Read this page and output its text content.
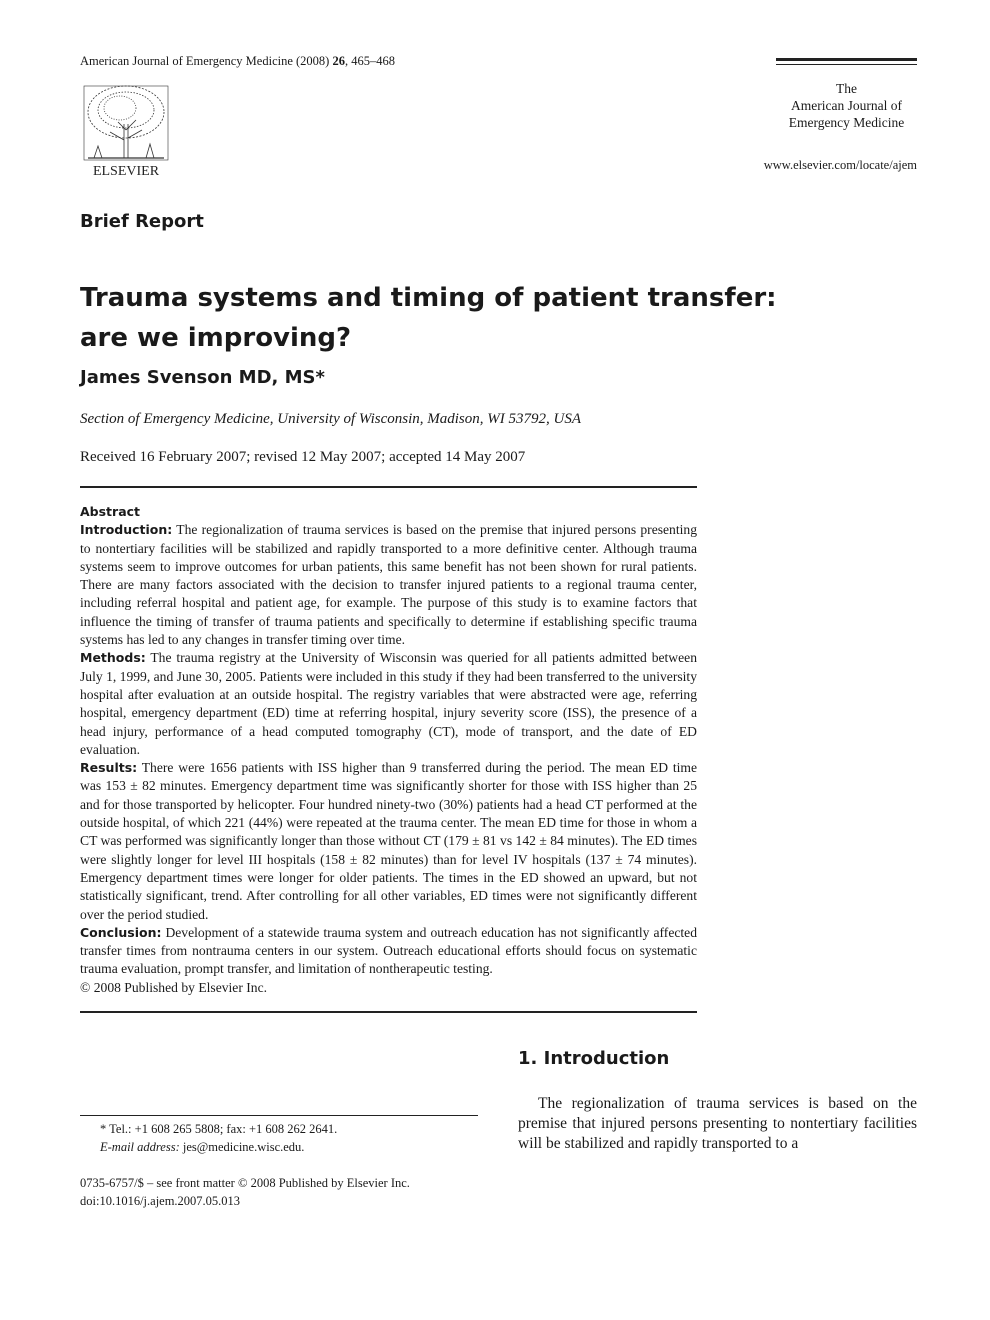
American Journal of Emergency Medicine (2008) 26, 465–468
ELSEVIER
The
American Journal of
Emergency Medicine
www.elsevier.com/locate/ajem
Brief Report
Trauma systems and timing of patient transfer:
are we improving?
James Svenson MD, MS*
Section of Emergency Medicine, University of Wisconsin, Madison, WI 53792, USA
Received 16 February 2007; revised 12 May 2007; accepted 14 May 2007

Abstract

Introduction: The regionalization of trauma services is based on the premise that injured persons presenting to nontertiary facilities will be stabilized and rapidly transported to a more definitive center. Although trauma systems seem to improve outcomes for urban patients, this same benefit has not been shown for rural patients. There are many factors associated with the decision to transfer injured patients to a regional trauma center, including referral hospital and patient age, for example. The purpose of this study is to examine factors that influence the timing of transfer of trauma patients and specifically to determine if establishing specific trauma systems has led to any changes in transfer timing over time.

Methods: The trauma registry at the University of Wisconsin was queried for all patients admitted between July 1, 1999, and June 30, 2005. Patients were included in this study if they had been transferred to the university hospital after evaluation at an outside hospital. The registry variables that were abstracted were age, referring hospital, emergency department (ED) time at referring hospital, injury severity score (ISS), the presence of a head injury, performance of a head computed tomography (CT), mode of transport, and the date of ED evaluation.

Results: There were 1656 patients with ISS higher than 9 transferred during the period. The mean ED time was 153 ± 82 minutes. Emergency department time was significantly shorter for those with ISS higher than 25 and for those transported by helicopter. Four hundred ninety-two (30%) patients had a head CT performed at the outside hospital, of which 221 (44%) were repeated at the trauma center. The mean ED time for those in whom a CT was performed was significantly longer than those without CT (179 ± 81 vs 142 ± 84 minutes). The ED times were slightly longer for level III hospitals (158 ± 82 minutes) than for level IV hospitals (137 ± 74 minutes). Emergency department times were longer for older patients. The times in the ED showed an upward, but not statistically significant, trend. After controlling for all other variables, ED times were not significantly different over the period studied.

Conclusion: Development of a statewide trauma system and outreach education has not significantly affected transfer times from nontrauma centers in our system. Outreach educational efforts should focus on systematic trauma evaluation, prompt transfer, and limitation of nontherapeutic testing.

© 2008 Published by Elsevier Inc.

1. Introduction
The regionalization of trauma services is based on the premise that injured persons presenting to nontertiary facilities will be stabilized and rapidly transported to a

* Tel.: +1 608 265 5808; fax: +1 608 262 2641.

E-mail address: jes@medicine.wisc.edu.

0735-6757/$ – see front matter © 2008 Published by Elsevier Inc.

doi:10.1016/j.ajem.2007.05.013
